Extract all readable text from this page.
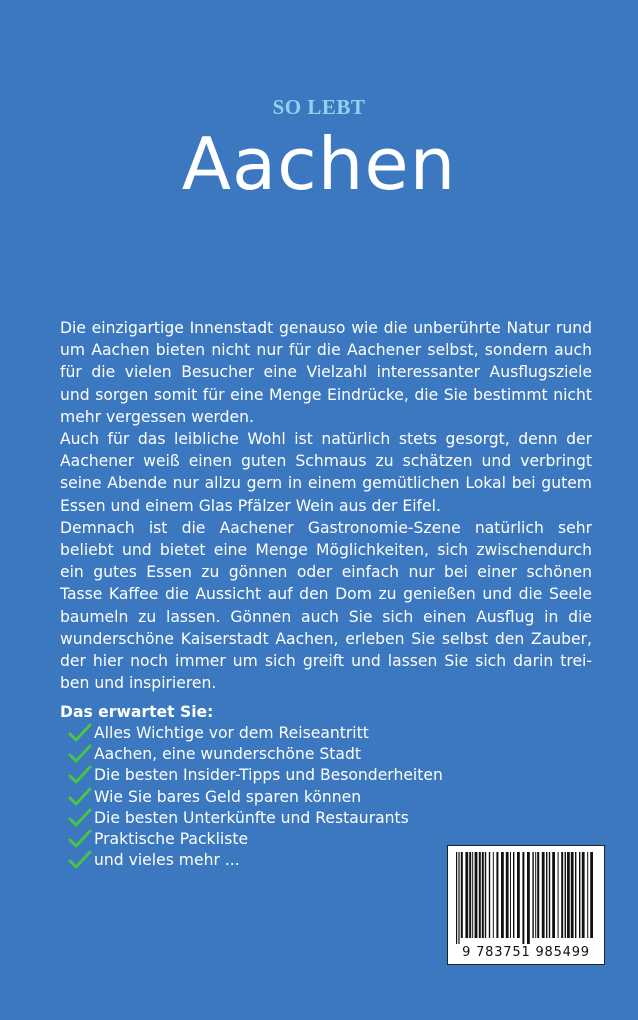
SO LEBT
Aachen

Die einzigartige Innenstadt genauso wie die unberührte Natur rund um Aachen bieten nicht nur für die Aachener selbst, sondern auch für die vielen Besucher eine Vielzahl interessanter Ausflugsziele und sorgen somit für eine Menge Eindrücke, die Sie bestimmt nicht mehr vergessen werden.

Auch für das leibliche Wohl ist natürlich stets gesorgt, denn der Aachener weiß einen guten Schmaus zu schätzen und verbringt seine Abende nur allzu gern in einem gemütlichen Lokal bei gutem Essen und einem Glas Pfälzer Wein aus der Eifel.

Demnach ist die Aachener Gastronomie-Szene natürlich sehr beliebt und bietet eine Menge Möglichkeiten, sich zwischendurch ein gutes Essen zu gönnen oder einfach nur bei einer schönen Tasse Kaffee die Aussicht auf den Dom zu genießen und die Seele baumeln zu lassen. Gönnen auch Sie sich einen Ausflug in die wunderschöne Kaiserstadt Aachen, erleben Sie selbst den Zauber, der hier noch immer um sich greift und lassen Sie sich darin trei-ben und inspirieren.

Das erwartet Sie:
Alles Wichtige vor dem Reiseantritt
Aachen, eine wunderschöne Stadt
Die besten Insider-Tipps und Besonderheiten
Wie Sie bares Geld sparen können
Die besten Unterkünfte und Restaurants
Praktische Packliste
und vieles mehr ...
9 783751 985499
